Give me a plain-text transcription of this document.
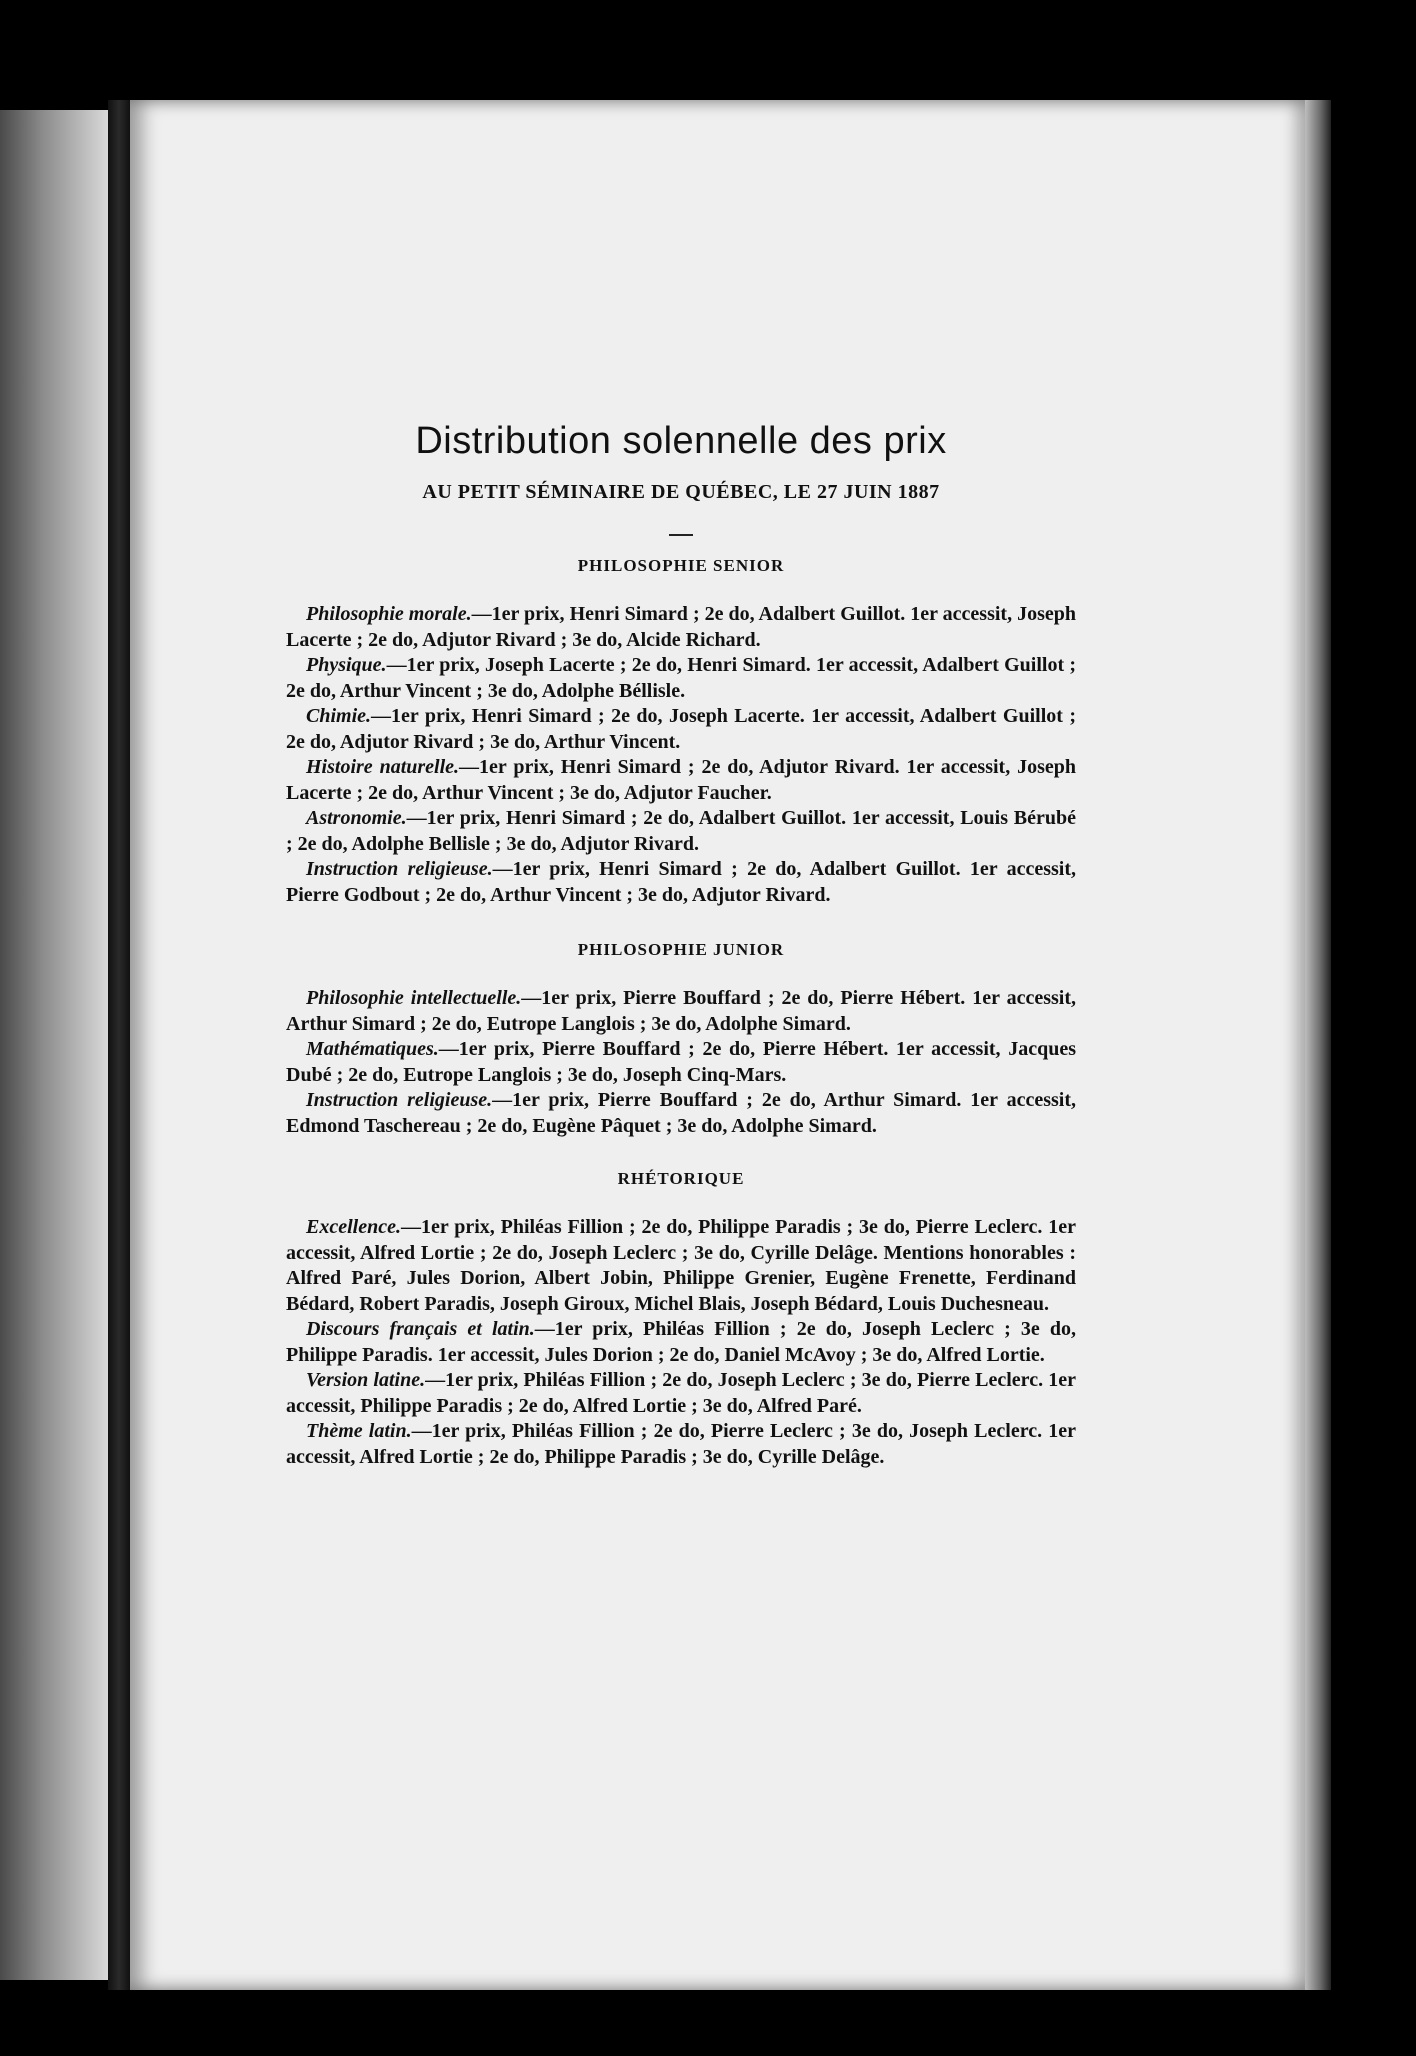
Distribution solennelle des prix
AU PETIT SÉMINAIRE DE QUÉBEC, LE 27 JUIN 1887
PHILOSOPHIE SENIOR

Philosophie morale.—1er prix, Henri Simard ; 2e do, Adalbert Guillot. 1er accessit, Joseph Lacerte ; 2e do, Adjutor Rivard ; 3e do, Alcide Richard.

Physique.—1er prix, Joseph Lacerte ; 2e do, Henri Simard. 1er accessit, Adalbert Guillot ; 2e do, Arthur Vincent ; 3e do, Adolphe Béllisle.

Chimie.—1er prix, Henri Simard ; 2e do, Joseph Lacerte. 1er accessit, Adalbert Guillot ; 2e do, Adjutor Rivard ; 3e do, Arthur Vincent.

Histoire naturelle.—1er prix, Henri Simard ; 2e do, Adjutor Rivard. 1er accessit, Joseph Lacerte ; 2e do, Arthur Vincent ; 3e do, Adjutor Faucher.

Astronomie.—1er prix, Henri Simard ; 2e do, Adalbert Guillot. 1er accessit, Louis Bérubé ; 2e do, Adolphe Bellisle ; 3e do, Adjutor Rivard.

Instruction religieuse.—1er prix, Henri Simard ; 2e do, Adalbert Guillot. 1er accessit, Pierre Godbout ; 2e do, Arthur Vincent ; 3e do, Adjutor Rivard.

PHILOSOPHIE JUNIOR

Philosophie intellectuelle.—1er prix, Pierre Bouffard ; 2e do, Pierre Hébert. 1er accessit, Arthur Simard ; 2e do, Eutrope Langlois ; 3e do, Adolphe Simard.

Mathématiques.—1er prix, Pierre Bouffard ; 2e do, Pierre Hébert. 1er accessit, Jacques Dubé ; 2e do, Eutrope Langlois ; 3e do, Joseph Cinq-Mars.

Instruction religieuse.—1er prix, Pierre Bouffard ; 2e do, Arthur Simard. 1er accessit, Edmond Taschereau ; 2e do, Eugène Pâquet ; 3e do, Adolphe Simard.

RHÉTORIQUE

Excellence.—1er prix, Philéas Fillion ; 2e do, Philippe Paradis ; 3e do, Pierre Leclerc. 1er accessit, Alfred Lortie ; 2e do, Joseph Leclerc ; 3e do, Cyrille Delâge. Mentions honorables : Alfred Paré, Jules Dorion, Albert Jobin, Philippe Grenier, Eugène Frenette, Ferdinand Bédard, Robert Paradis, Joseph Giroux, Michel Blais, Joseph Bédard, Louis Duchesneau.

Discours français et latin.—1er prix, Philéas Fillion ; 2e do, Joseph Leclerc ; 3e do, Philippe Paradis. 1er accessit, Jules Dorion ; 2e do, Daniel McAvoy ; 3e do, Alfred Lortie.

Version latine.—1er prix, Philéas Fillion ; 2e do, Joseph Leclerc ; 3e do, Pierre Leclerc. 1er accessit, Philippe Paradis ; 2e do, Alfred Lortie ; 3e do, Alfred Paré.

Thème latin.—1er prix, Philéas Fillion ; 2e do, Pierre Leclerc ; 3e do, Joseph Leclerc. 1er accessit, Alfred Lortie ; 2e do, Philippe Paradis ; 3e do, Cyrille Delâge.
